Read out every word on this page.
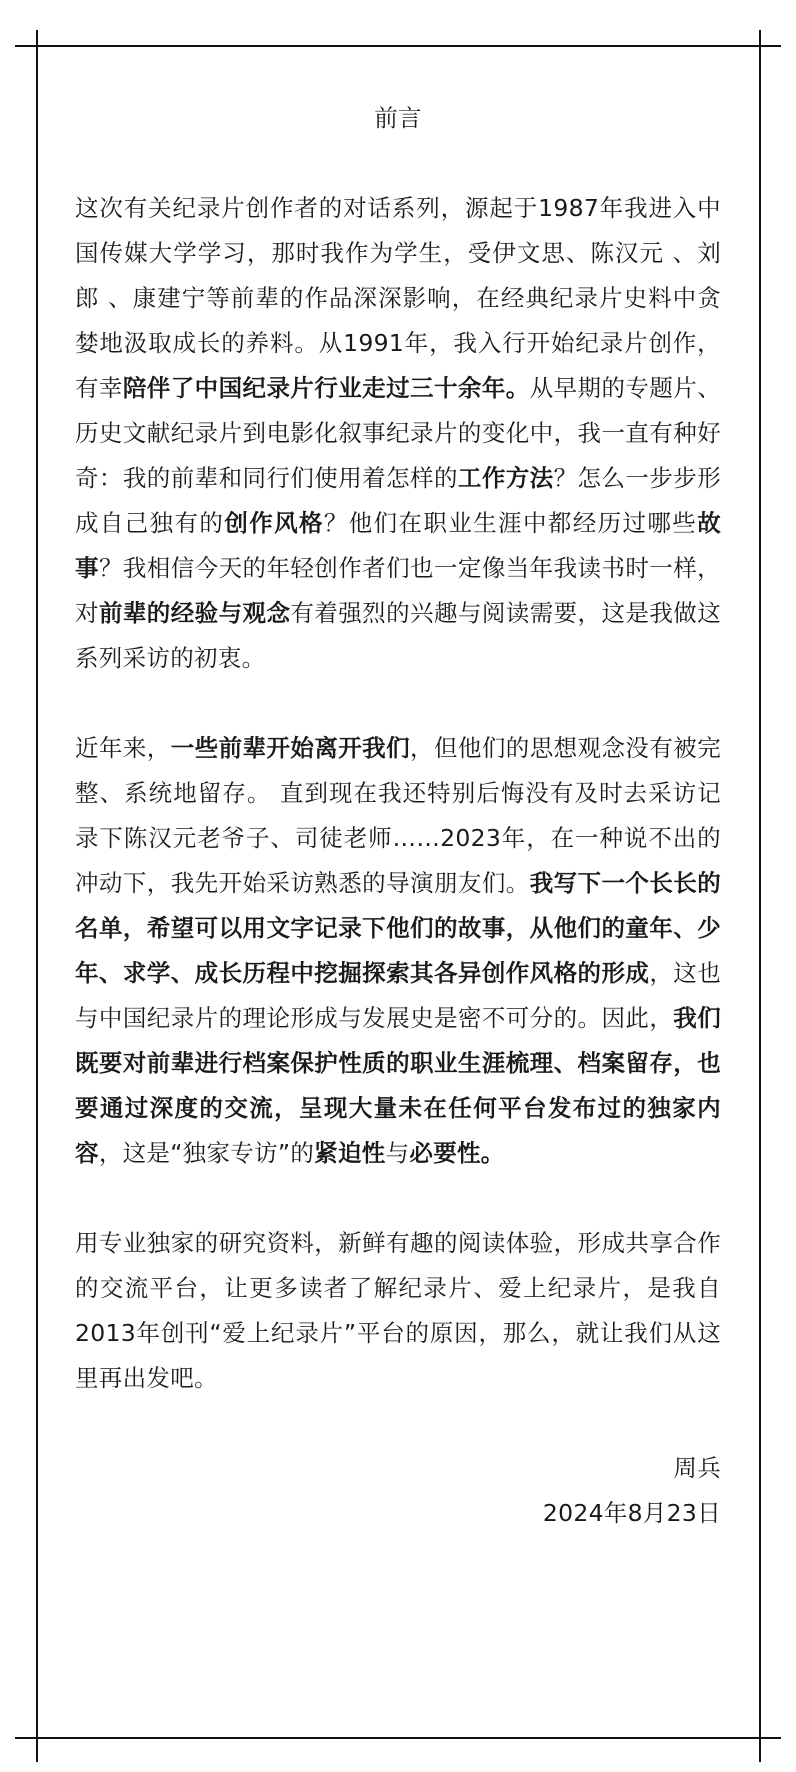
前言

这次有关纪录片创作者的对话系列，源起于1987年我进入中国传媒大学学习，那时我作为学生，受伊文思、陈汉元 、刘郎 、康建宁等前辈的作品深深影响，在经典纪录片史料中贪婪地汲取成长的养料。从1991年，我入行开始纪录片创作，有幸陪伴了中国纪录片行业走过三十余年。从早期的专题片、历史文献纪录片到电影化叙事纪录片的变化中，我一直有种好奇：我的前辈和同行们使用着怎样的工作方法？怎么一步步形成自己独有的创作风格？他们在职业生涯中都经历过哪些故事？我相信今天的年轻创作者们也一定像当年我读书时一样，对前辈的经验与观念有着强烈的兴趣与阅读需要，这是我做这系列采访的初衷。

近年来，一些前辈开始离开我们，但他们的思想观念没有被完整、系统地留存。 直到现在我还特别后悔没有及时去采访记录下陈汉元老爷子、司徒老师……2023年，在一种说不出的冲动下，我先开始采访熟悉的导演朋友们。我写下一个长长的名单，希望可以用文字记录下他们的故事，从他们的童年、少年、求学、成长历程中挖掘探索其各异创作风格的形成，这也与中国纪录片的理论形成与发展史是密不可分的。因此，我们既要对前辈进行档案保护性质的职业生涯梳理、档案留存，也要通过深度的交流，呈现大量未在任何平台发布过的独家内容，这是“独家专访”的紧迫性与必要性。

用专业独家的研究资料，新鲜有趣的阅读体验，形成共享合作的交流平台，让更多读者了解纪录片、爱上纪录片，是我自2013年创刊“爱上纪录片”平台的原因，那么，就让我们从这里再出发吧。

周兵

2024年8月23日
